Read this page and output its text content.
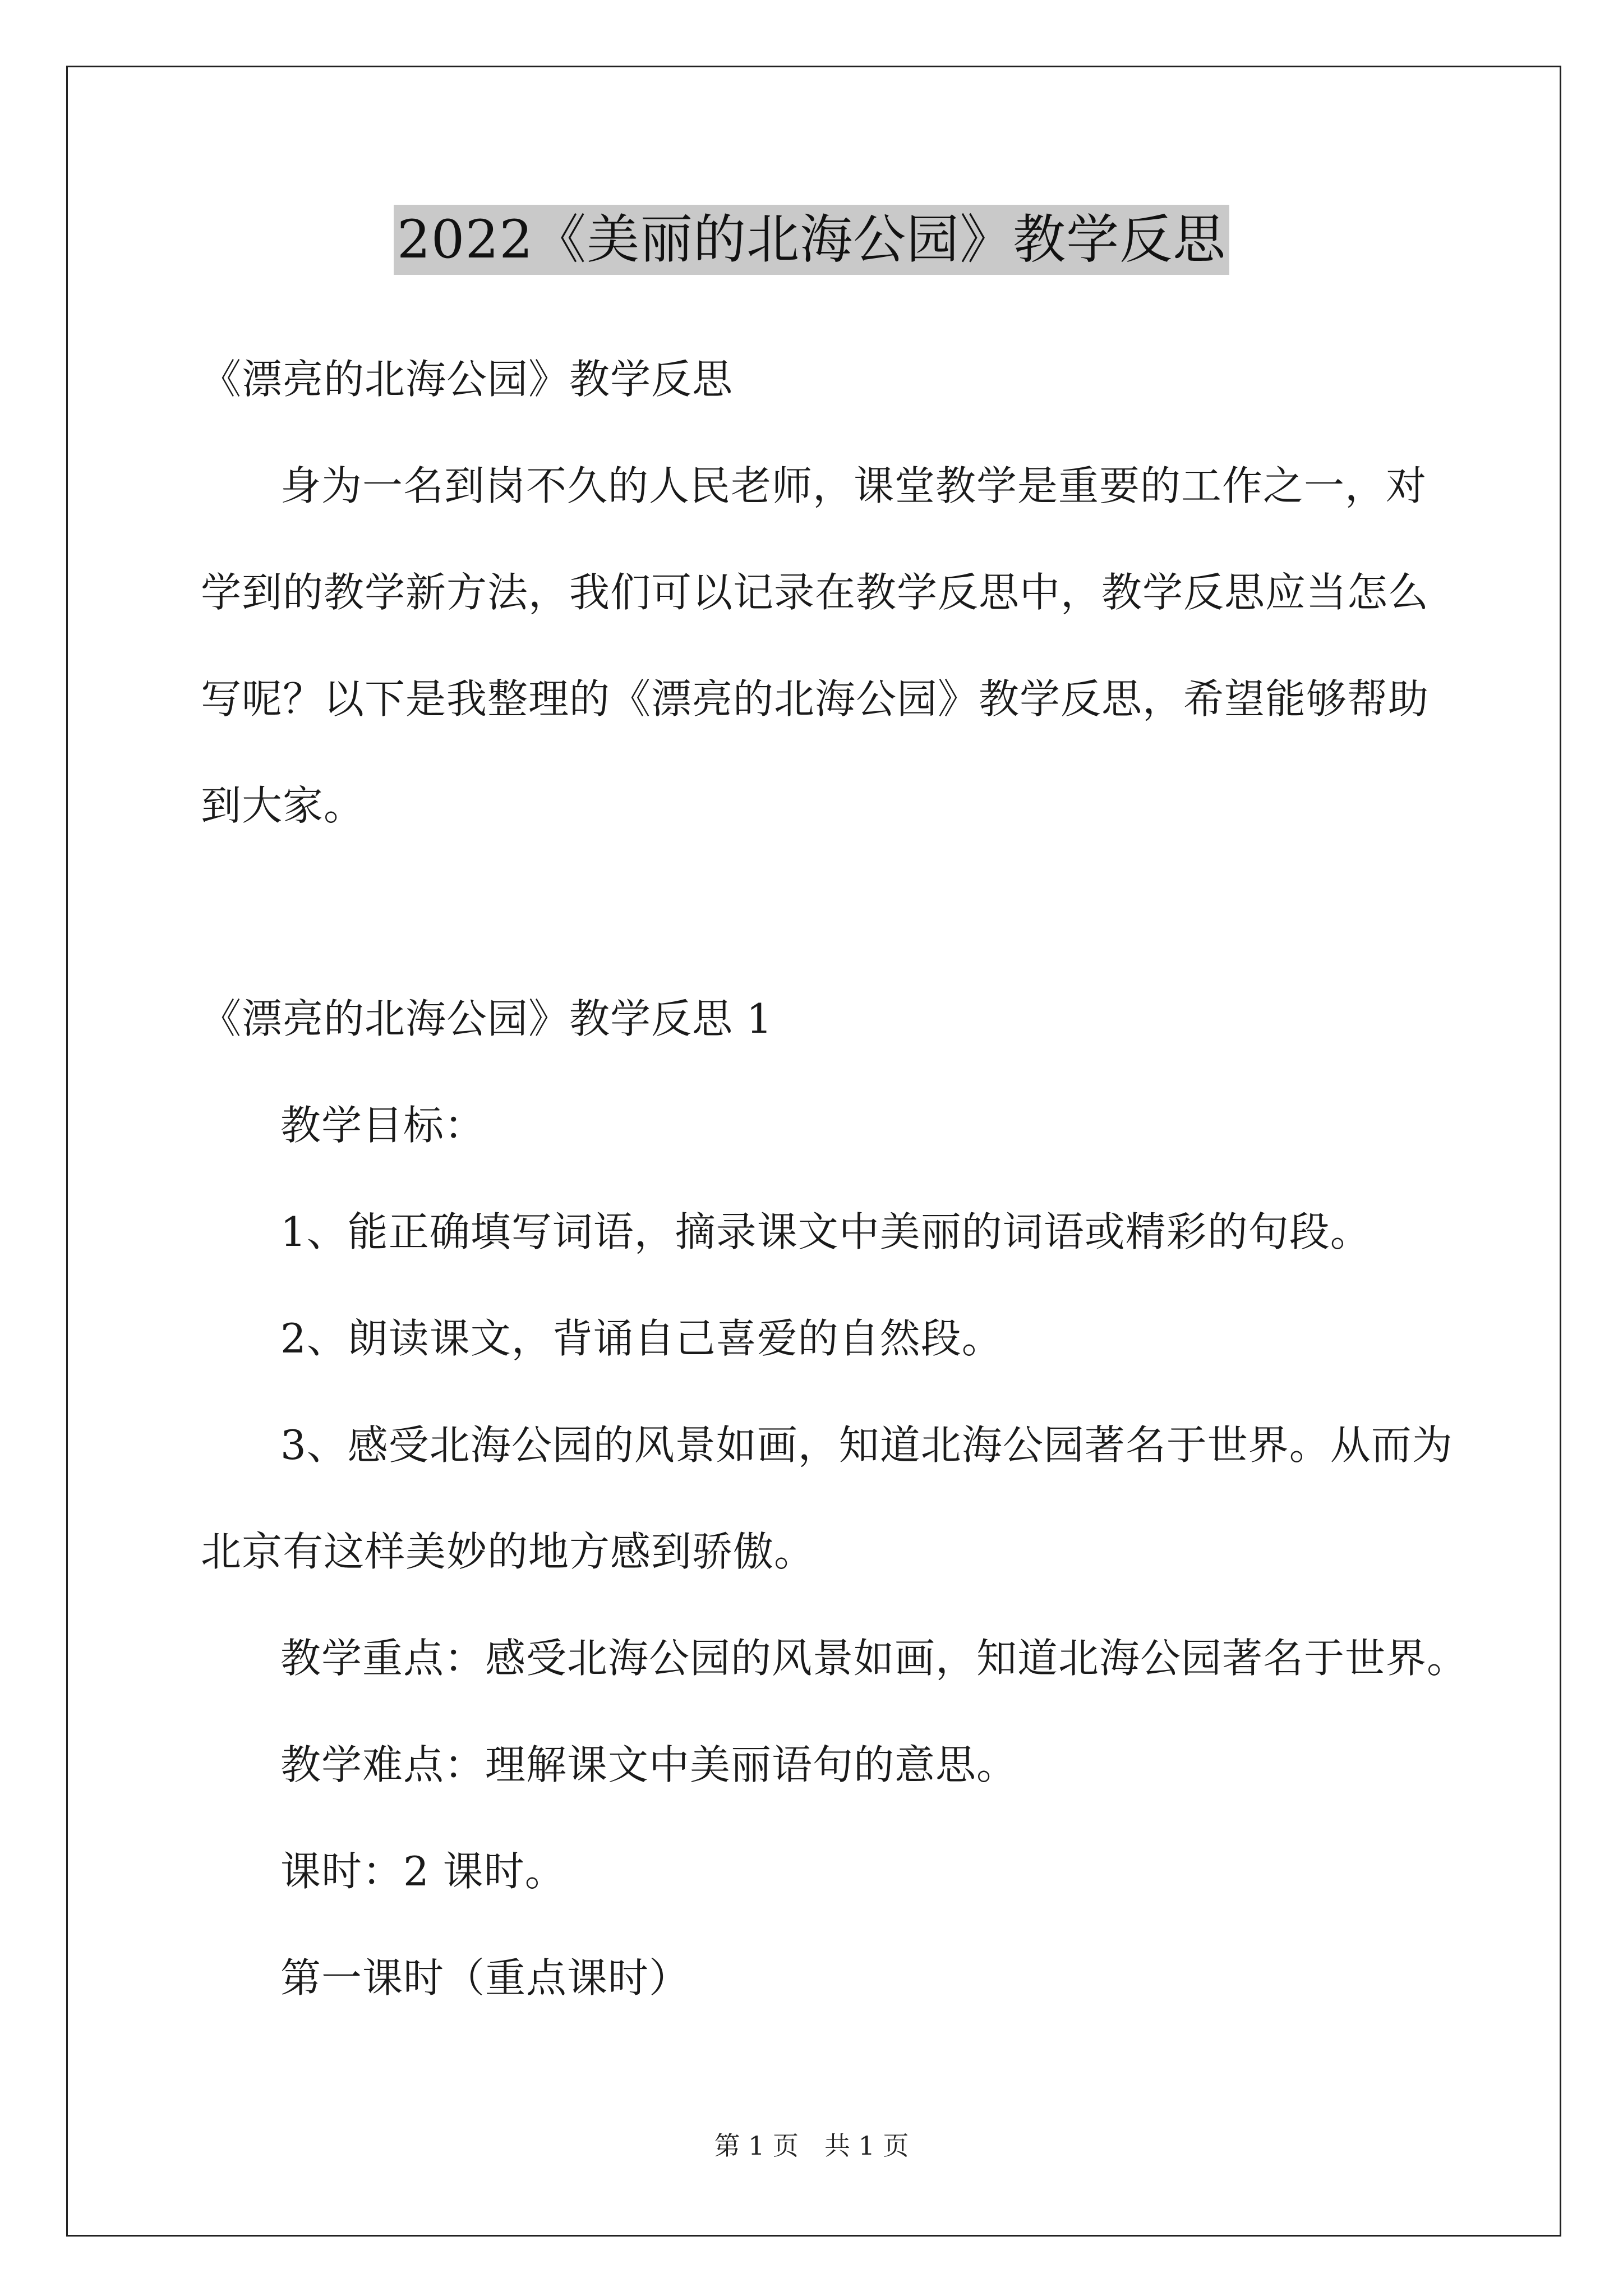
2022《美丽的北海公园》教学反思
《漂亮的北海公园》教学反思
身为一名到岗不久的人民老师，课堂教学是重要的工作之一，对
学到的教学新方法，我们可以记录在教学反思中，教学反思应当怎么
写呢？以下是我整理的《漂亮的北海公园》教学反思，希望能够帮助
到大家。
《漂亮的北海公园》教学反思 1
教学目标：
1、能正确填写词语，摘录课文中美丽的词语或精彩的句段。
2、朗读课文，背诵自己喜爱的自然段。
3、感受北海公园的风景如画，知道北海公园著名于世界。从而为
北京有这样美妙的地方感到骄傲。
教学重点：感受北海公园的风景如画，知道北海公园著名于世界。
教学难点：理解课文中美丽语句的意思。
课时：2 课时。
第一课时（重点课时）
第 1 页　共 1 页
